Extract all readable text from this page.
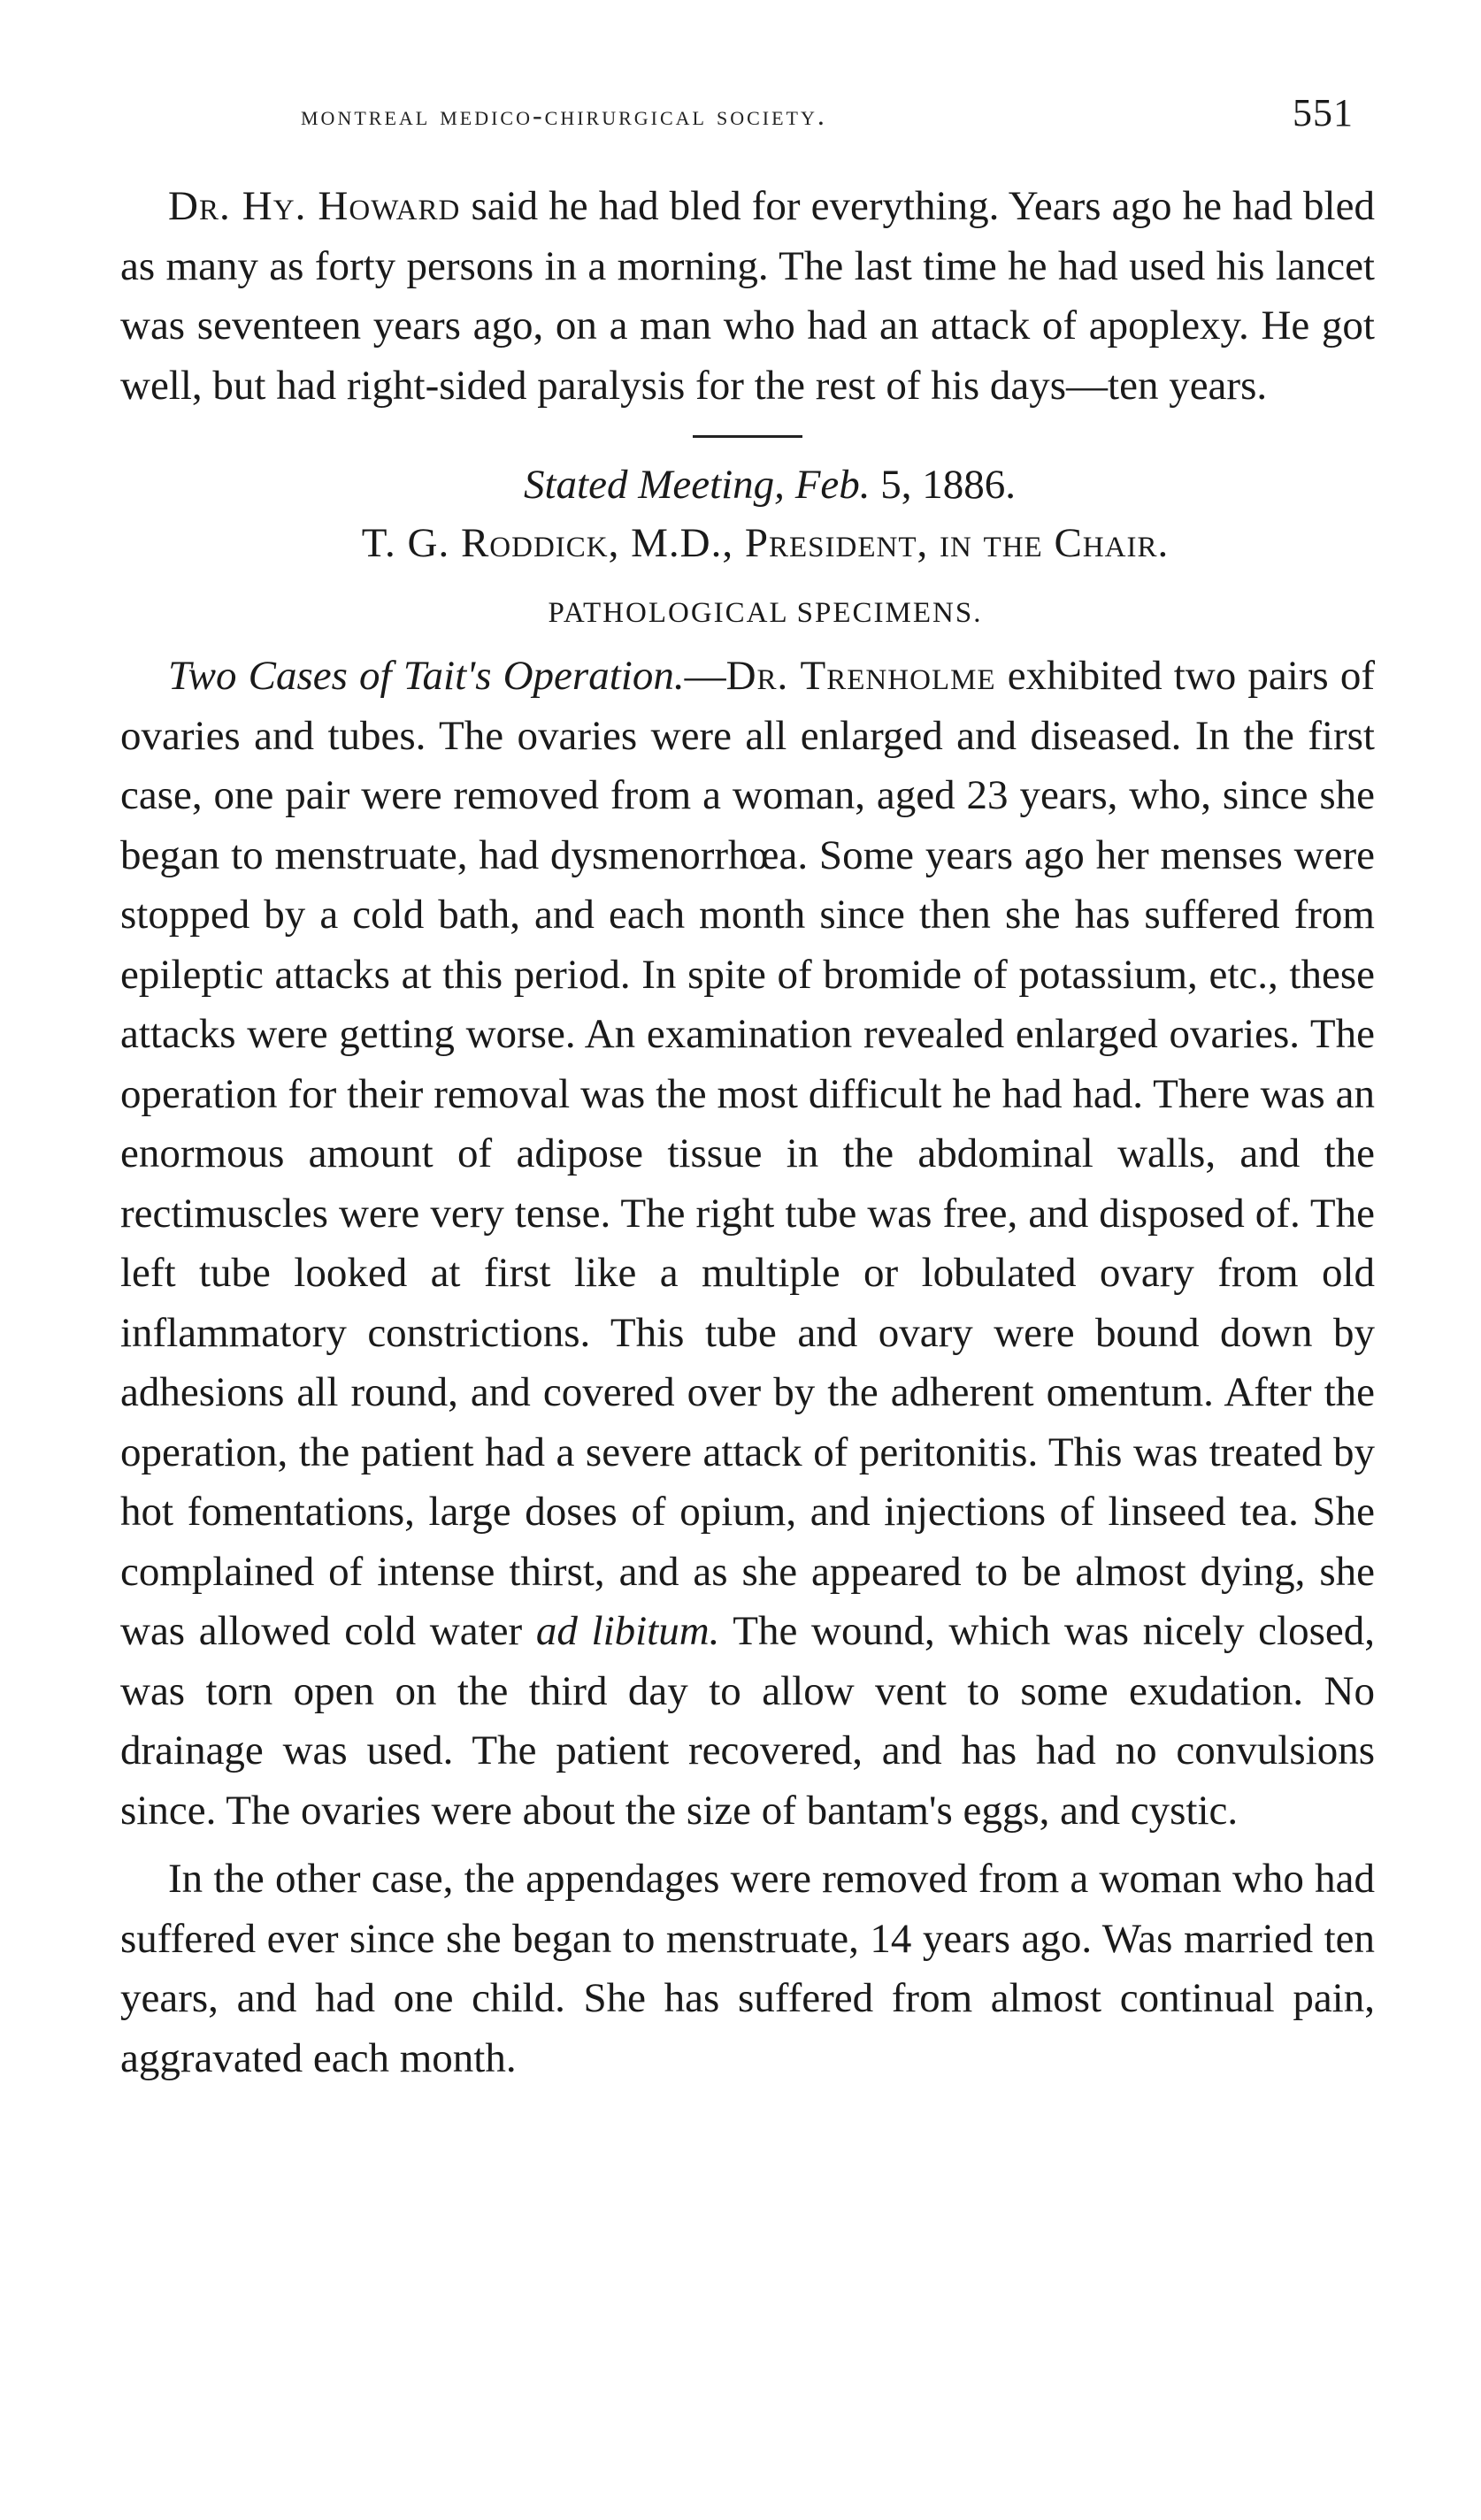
montreal medico-chirurgical society.	551

Dr. Hy. Howard said he had bled for everything. Years ago he had bled as many as forty persons in a morning. The last time he had used his lancet was seventeen years ago, on a man who had an attack of apoplexy. He got well, but had right-sided paralysis for the rest of his days—ten years.

Stated Meeting, Feb. 5, 1886.

T. G. Roddick, M.D., President, in the Chair.

PATHOLOGICAL SPECIMENS.

Two Cases of Tait's Operation.—Dr. Trenholme exhibited two pairs of ovaries and tubes. The ovaries were all enlarged and diseased. In the first case, one pair were removed from a woman, aged 23 years, who, since she began to menstruate, had dysmenorrhœa. Some years ago her menses were stopped by a cold bath, and each month since then she has suffered from epileptic attacks at this period. In spite of bromide of potassium, etc., these attacks were getting worse. An examination revealed enlarged ovaries. The operation for their removal was the most difficult he had had. There was an enormous amount of adipose tissue in the abdominal walls, and the rectimuscles were very tense. The right tube was free, and disposed of. The left tube looked at first like a multiple or lobulated ovary from old inflammatory constrictions. This tube and ovary were bound down by adhesions all round, and covered over by the adherent omentum. After the operation, the patient had a severe attack of peritonitis. This was treated by hot fomentations, large doses of opium, and injections of linseed tea. She complained of intense thirst, and as she appeared to be almost dying, she was allowed cold water ad libitum. The wound, which was nicely closed, was torn open on the third day to allow vent to some exudation. No drainage was used. The patient recovered, and has had no convulsions since. The ovaries were about the size of bantam's eggs, and cystic.

In the other case, the appendages were removed from a woman who had suffered ever since she began to menstruate, 14 years ago. Was married ten years, and had one child. She has suffered from almost continual pain, aggravated each month.
